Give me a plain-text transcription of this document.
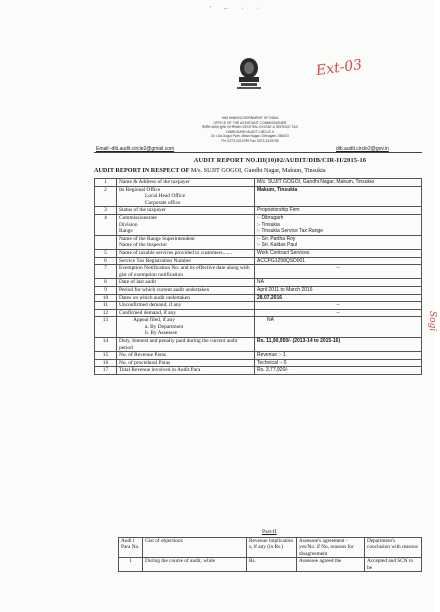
' ⌐ · ·
Ext-03
भारत सरकार/GOVERNMENT OF INDIA
OFFICE OF THE ASSISTANT COMMISSIONER
केन्द्रीय उत्पाद शुल्क एवं सेवाकर /CENTRAL EXCISE & SERVICE TAX
DIBRUGARH AUDIT CIRCLE-II
Dr. Lila Gogoi Path, Milan Nagar, Dibrugarh-786003
Ph: 0373-2319789 Fax 0373-2319755
Email:-dib.audit.circle2@gmail.com	dib.audit.circle2@gov.in
AUDIT REPORT NO.III(10)02/AUDIT/DIB/CIR-II/2015-16
AUDIT REPORT IN RESPECT OF M/s. SUJIT GOGOI, Gandhi Nagar, Makum, Tinsukia
1	Name & Address of the taxpayer	M/s. SUJIT GOGOI, Gandhi Nagar, Makum, Tinsukia
2	Its Regional Office
Local Head Office
Corporate office	Makum, Tinsukia
3	Status of the taxpayer	Proprietorship Firm
4	Commissionerate
Division
Range	:- Dibrugarh
:- Tinsukia
:- Tinsukia Service Tax Range

	Name of the Range Superintendent
Name of the Inspector	:- Sri. Partha Roy
:- Sri. Kaldas Paul

5	Name of taxable services provided to customers.......	Work Contract Services
6	Service Tax Registration Number	ACCPG1258QSD001
7	Exemption Notification No. and its effective date along with gist of exemption notification	--
8	Date of last audit	NA
9	Period for which current audit undertaken	April 2011 to March 2016
10	Dates on which audit undertaken	28.07.2016
11	Unconfirmed demand, if any	--
12	Confirmed demand, if any	--
13	Appeal filed, if any
a. By Department
b. By Assessee	NA
14	Duty, Interest and penalty paid during the current audit period	Rs. 11,90,950/- (2013-14 to 2015-16)
15	No. of Revenue Paras	Revenue :- 1
16	No. of procedural Paras	Technical :- 0
17	Total Revenue involved in Audit Para	Rs. 3,77,920/-
Part-II
Audi t Para No.	Gist of objections	Revenue implication s, if any (in Rs.)	Assessee's agreement - yes/No. if No, reasons for disagreement	Department's conclusion with reasons
1	During the course of audit, while	Rs.	Assessee agreed the	Accepted and SCN to be
Sogi
